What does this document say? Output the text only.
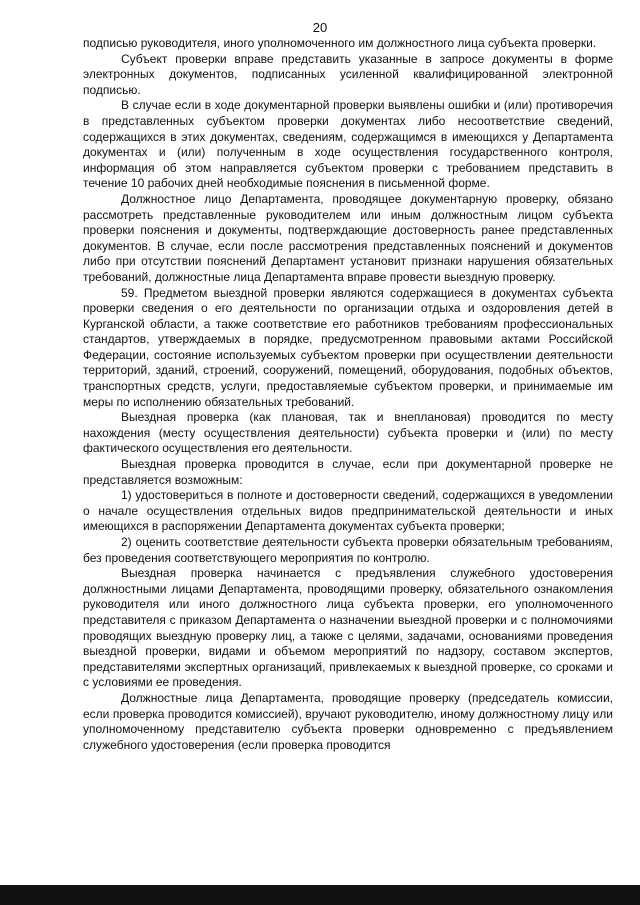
20

подписью руководителя, иного уполномоченного им должностного лица субъекта проверки.

Субъект проверки вправе представить указанные в запросе документы в форме электронных документов, подписанных усиленной квалифицированной электронной подписью.

В случае если в ходе документарной проверки выявлены ошибки и (или) противоречия в представленных субъектом проверки документах либо несоответствие сведений, содержащихся в этих документах, сведениям, содержащимся в имеющихся у Департамента документах и (или) полученным в ходе осуществления государственного контроля, информация об этом направляется субъектом проверки с требованием представить в течение 10 рабочих дней необходимые пояснения в письменной форме.

Должностное лицо Департамента, проводящее документарную проверку, обязано рассмотреть представленные руководителем или иным должностным лицом субъекта проверки пояснения и документы, подтверждающие достоверность ранее представленных документов. В случае, если после рассмотрения представленных пояснений и документов либо при отсутствии пояснений Департамент установит признаки нарушения обязательных требований, должностные лица Департамента вправе провести выездную проверку.

59. Предметом выездной проверки являются содержащиеся в документах субъекта проверки сведения о его деятельности по организации отдыха и оздоровления детей в Курганской области, а также соответствие его работников требованиям профессиональных стандартов, утверждаемых в порядке, предусмотренном правовыми актами Российской Федерации, состояние используемых субъектом проверки при осуществлении деятельности территорий, зданий, строений, сооружений, помещений, оборудования, подобных объектов, транспортных средств, услуги, предоставляемые субъектом проверки, и принимаемые им меры по исполнению обязательных требований.

Выездная проверка (как плановая, так и внеплановая) проводится по месту нахождения (месту осуществления деятельности) субъекта проверки и (или) по месту фактического осуществления его деятельности.

Выездная проверка проводится в случае, если при документарной проверке не представляется возможным:

1) удостовериться в полноте и достоверности сведений, содержащихся в уведомлении о начале осуществления отдельных видов предпринимательской деятельности и иных имеющихся в распоряжении Департамента документах субъекта проверки;

2) оценить соответствие деятельности субъекта проверки обязательным требованиям, без проведения соответствующего мероприятия по контролю.

Выездная проверка начинается с предъявления служебного удостоверения должностными лицами Департамента, проводящими проверку, обязательного ознакомления руководителя или иного должностного лица субъекта проверки, его уполномоченного представителя с приказом Департамента о назначении выездной проверки и с полномочиями проводящих выездную проверку лиц, а также с целями, задачами, основаниями проведения выездной проверки, видами и объемом мероприятий по надзору, составом экспертов, представителями экспертных организаций, привлекаемых к выездной проверке, со сроками и с условиями ее проведения.

Должностные лица Департамента, проводящие проверку (председатель комиссии, если проверка проводится комиссией), вручают руководителю, иному должностному лицу или уполномоченному представителю субъекта проверки одновременно с предъявлением служебного удостоверения (если проверка проводится
